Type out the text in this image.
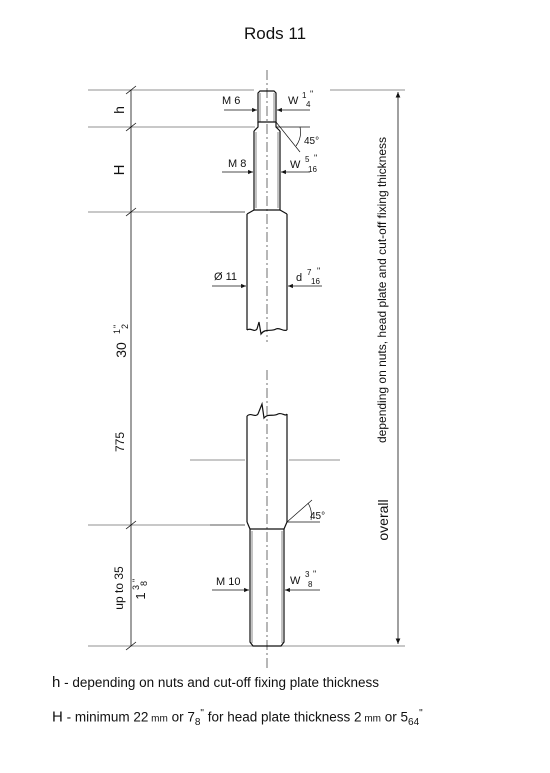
Rods 11
h
H
30
1
2
"
775
up to 35 1
3
8
"
M 6	W 1
4
"
45°
M 8	W 5
16
"
Ø 11	d 7
16
"
45°
M 10	W
3
8
"
overall
depending on nuts, head plate and cut-off fixing thickness
h - depending on nuts and cut-off fixing plate thickness
H - minimum 22 mm or $7_8^"$ for head plate thickness 2 mm or $5_{64}^"$
